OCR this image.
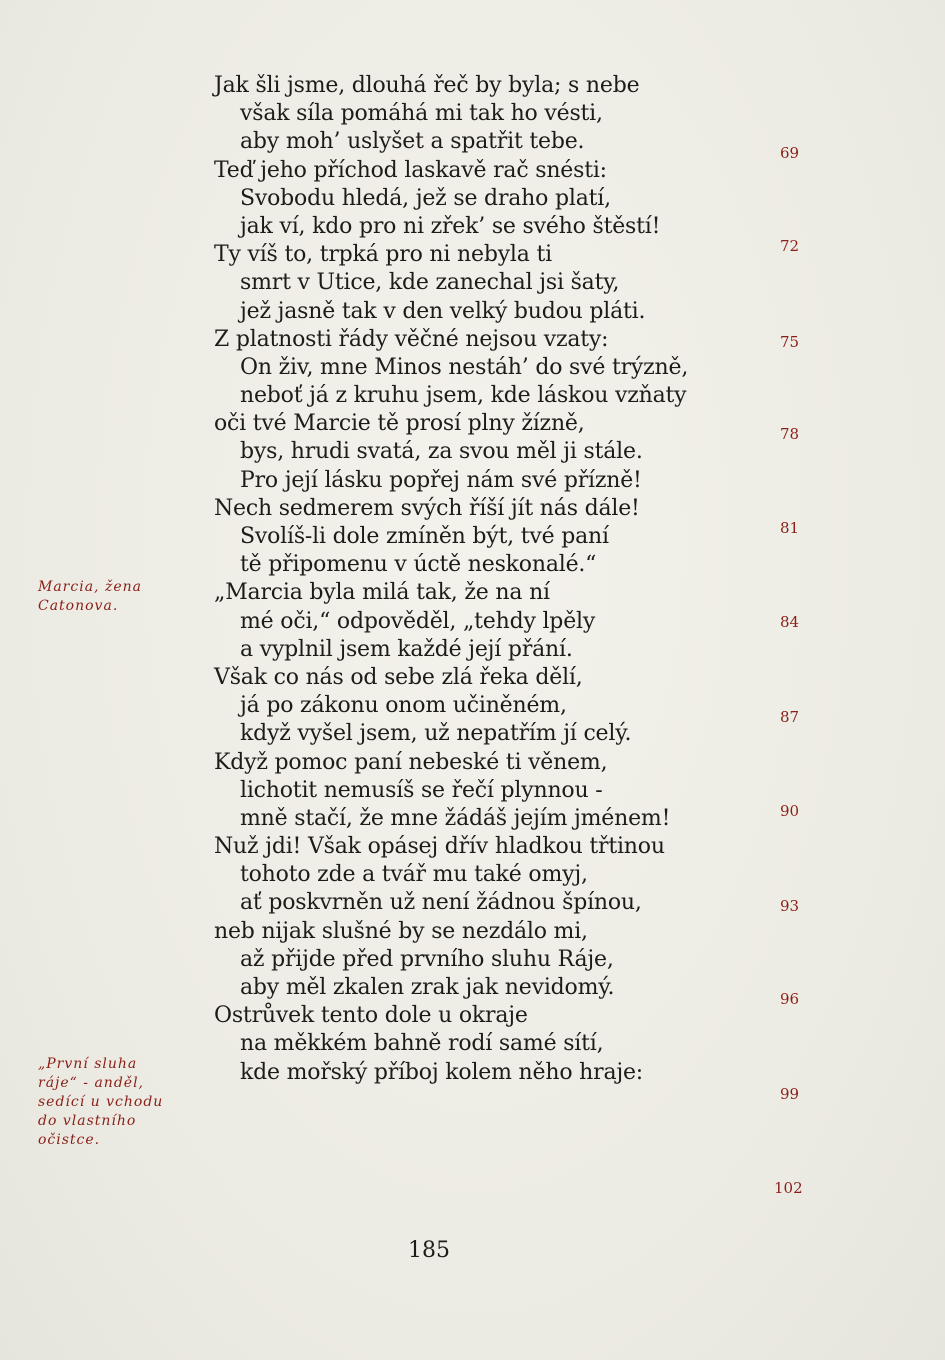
Jak šli jsme, dlouhá řeč by byla; s nebe
však síla pomáhá mi tak ho vésti,
aby moh’ uslyšet a spatřit tebe.
Teď jeho příchod laskavě rač snésti:
Svobodu hledá, jež se draho platí,
jak ví, kdo pro ni zřek’ se svého štěstí!
Ty víš to, trpká pro ni nebyla ti
smrt v Utice, kde zanechal jsi šaty,
jež jasně tak v den velký budou pláti.
Z platnosti řády věčné nejsou vzaty:
On živ, mne Minos nestáh’ do své trýzně,
neboť já z kruhu jsem, kde láskou vzňaty
oči tvé Marcie tě prosí plny žízně,
bys, hrudi svatá, za svou měl ji stále.
Pro její lásku popřej nám své přízně!
Nech sedmerem svých říší jít nás dále!
Svolíš-li dole zmíněn být, tvé paní
tě připomenu v úctě neskonalé.“
„Marcia byla milá tak, že na ní
mé oči,“ odpověděl, „tehdy lpěly
a vyplnil jsem každé její přání.
Však co nás od sebe zlá řeka dělí,
já po zákonu onom učiněném,
když vyšel jsem, už nepatřím jí celý.
Když pomoc paní nebeské ti věnem,
lichotit nemusíš se řečí plynnou -
mně stačí, že mne žádáš jejím jménem!
Nuž jdi! Však opásej dřív hladkou třtinou
tohoto zde a tvář mu také omyj,
ať poskvrněn už není žádnou špínou,
neb nijak slušné by se nezdálo mi,
až přijde před prvního sluhu Ráje,
aby měl zkalen zrak jak nevidomý.
Ostrůvek tento dole u okraje
na měkkém bahně rodí samé sítí,
kde mořský příboj kolem něho hraje:
69
72
75
78
81
84
87
90
93
96
99
102
Marcia, žena
Catonova.
„První sluha
ráje“ - anděl,
sedící u vchodu
do vlastního
očistce.
185
